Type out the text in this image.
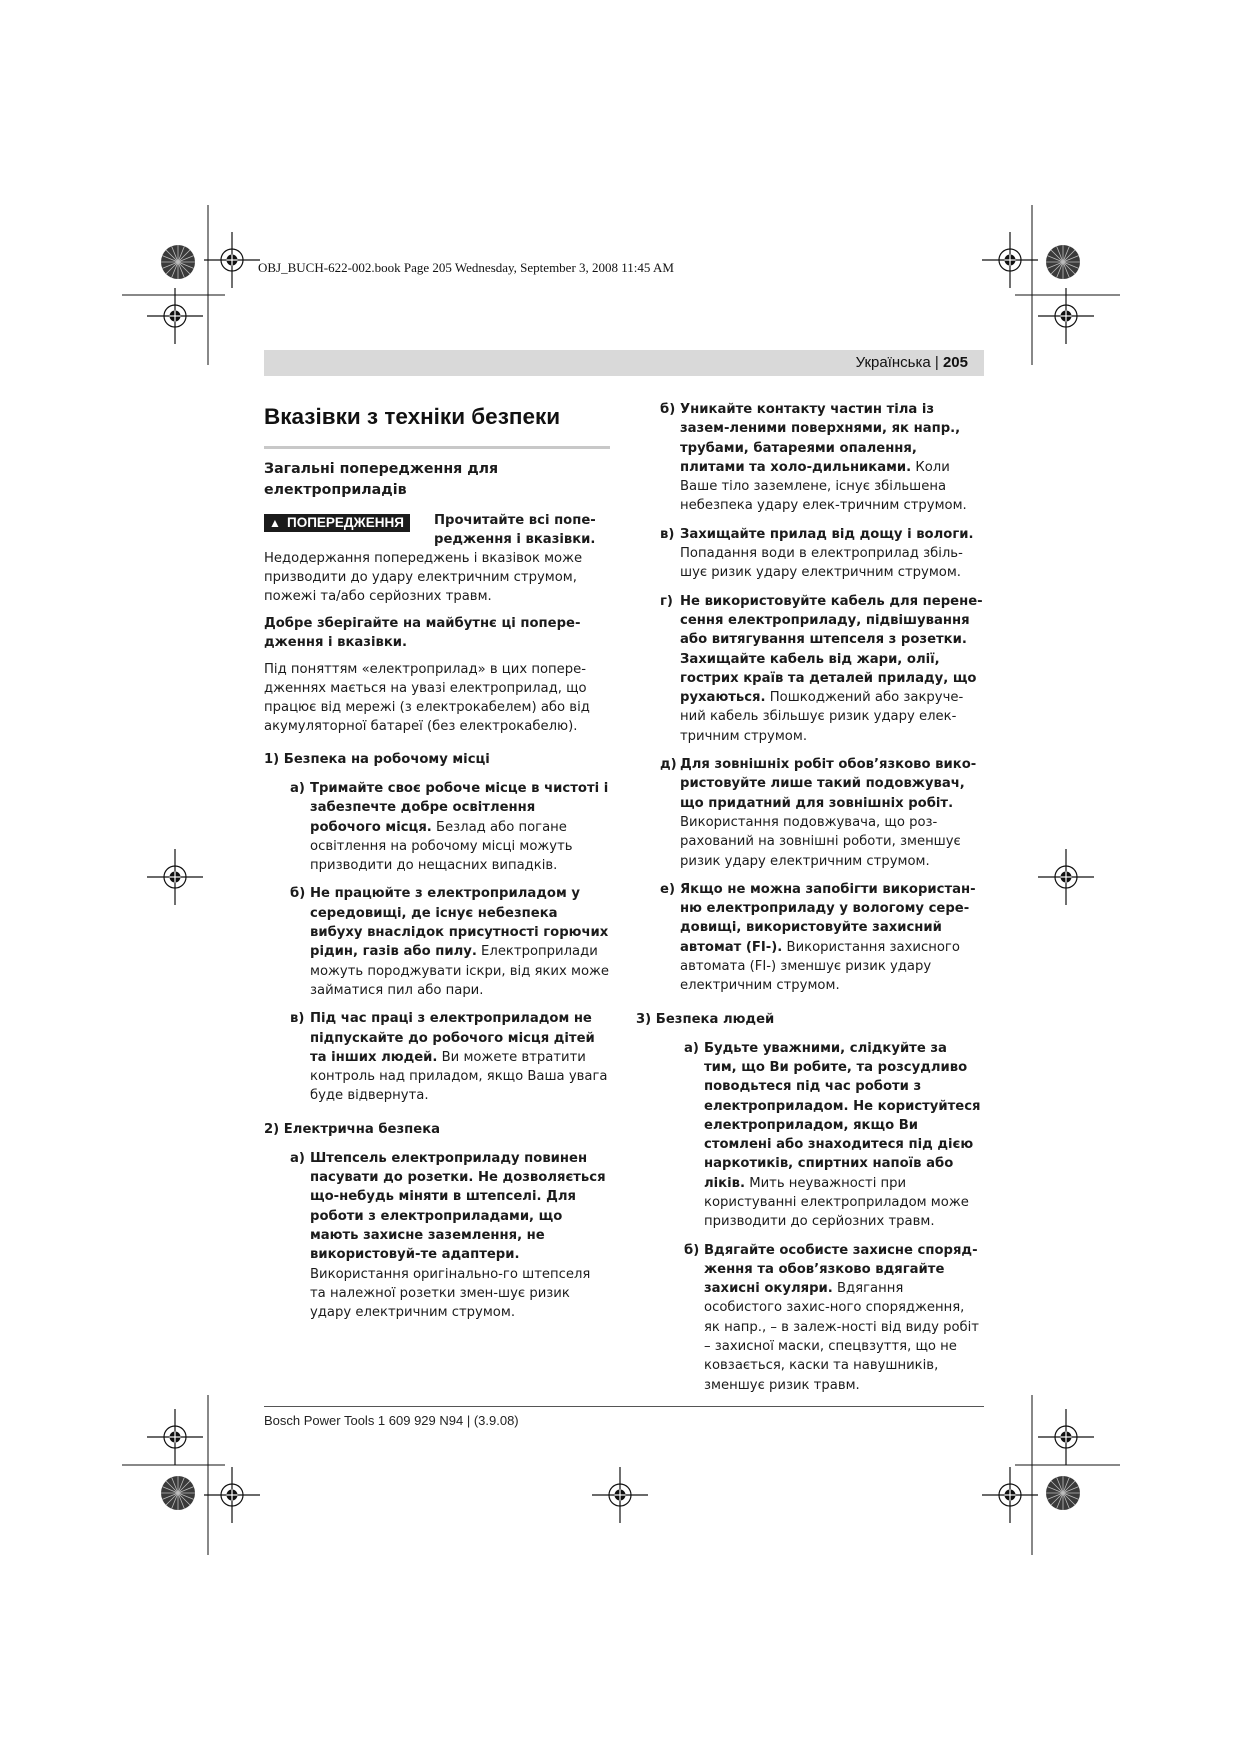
OBJ_BUCH-622-002.book Page 205 Wednesday, September 3, 2008 11:45 AM
Українська | 205
Вказівки з техніки безпеки
Загальні попередження для електроприладів
▲ ПОПЕРЕДЖЕННЯ	Прочитайте всі попе-редження і вказівки.
Недодержання попереджень і вказівок може призводити до удару електричним струмом, пожежі та/або серйозних травм.
Добре зберігайте на майбутнє ці попере-дження і вказівки.
Під поняттям «електроприлад» в цих попере-дженнях мається на увазі електроприлад, що працює від мережі (з електрокабелем) або від акумуляторної батареї (без електрокабелю).
1) Безпека на робочому місці
а) Тримайте своє робоче місце в чистоті і забезпечте добре освітлення робочого місця. Безлад або погане освітлення на робочому місці можуть призводити до нещасних випадків.
б) Не працюйте з електроприладом у середовищі, де існує небезпека вибуху внаслідок присутності горючих рідин, газів або пилу. Електроприлади можуть породжувати іскри, від яких може займатися пил або пари.
в) Під час праці з електроприладом не підпускайте до робочого місця дітей та інших людей. Ви можете втратити контроль над приладом, якщо Ваша увага буде відвернута.
2) Електрична безпека
а) Штепсель електроприладу повинен пасувати до розетки. Не дозволяється що-небудь міняти в штепселі. Для роботи з електроприладами, що мають захисне заземлення, не використовуй-те адаптери. Використання оригінально-го штепселя та належної розетки змен-шує ризик удару електричним струмом.
б) Уникайте контакту частин тіла із зазем-леними поверхнями, як напр., трубами, батареями опалення, плитами та холо-дильниками. Коли Ваше тіло заземлене, існує збільшена небезпека удару елек-тричним струмом.
в) Захищайте прилад від дощу і вологи. Попадання води в електроприлад збіль-шує ризик удару електричним струмом.
г) Не використовуйте кабель для перене-сення електроприладу, підвішування або витягування штепселя з розетки. Захищайте кабель від жари, олії, гострих країв та деталей приладу, що рухаються. Пошкоджений або закруче-ний кабель збільшує ризик удару елек-тричним струмом.
д) Для зовнішніх робіт обов’язково вико-ристовуйте лише такий подовжувач, що придатний для зовнішніх робіт. Використання подовжувача, що роз-рахований на зовнішні роботи, зменшує ризик удару електричним струмом.
е) Якщо не можна запобігти використан-ню електроприладу у вологому сере-довищі, використовуйте захисний автомат (FI-). Використання захисного автомата (FI-) зменшує ризик удару електричним струмом.
3) Безпека людей
а) Будьте уважними, слідкуйте за тим, що Ви робите, та розсудливо поводьтеся під час роботи з електроприладом. Не користуйтеся електроприладом, якщо Ви стомлені або знаходитеся під дією наркотиків, спиртних напоїв або ліків. Мить неуважності при користуванні електроприладом може призводити до серйозних травм.
б) Вдягайте особисте захисне споряд-ження та обов’язково вдягайте захисні окуляри. Вдягання особистого захис-ного спорядження, як напр., – в залеж-ності від виду робіт – захисної маски, спецвзуття, що не ковзається, каски та навушників, зменшує ризик травм.
Bosch Power Tools 1 609 929 N94 | (3.9.08)
